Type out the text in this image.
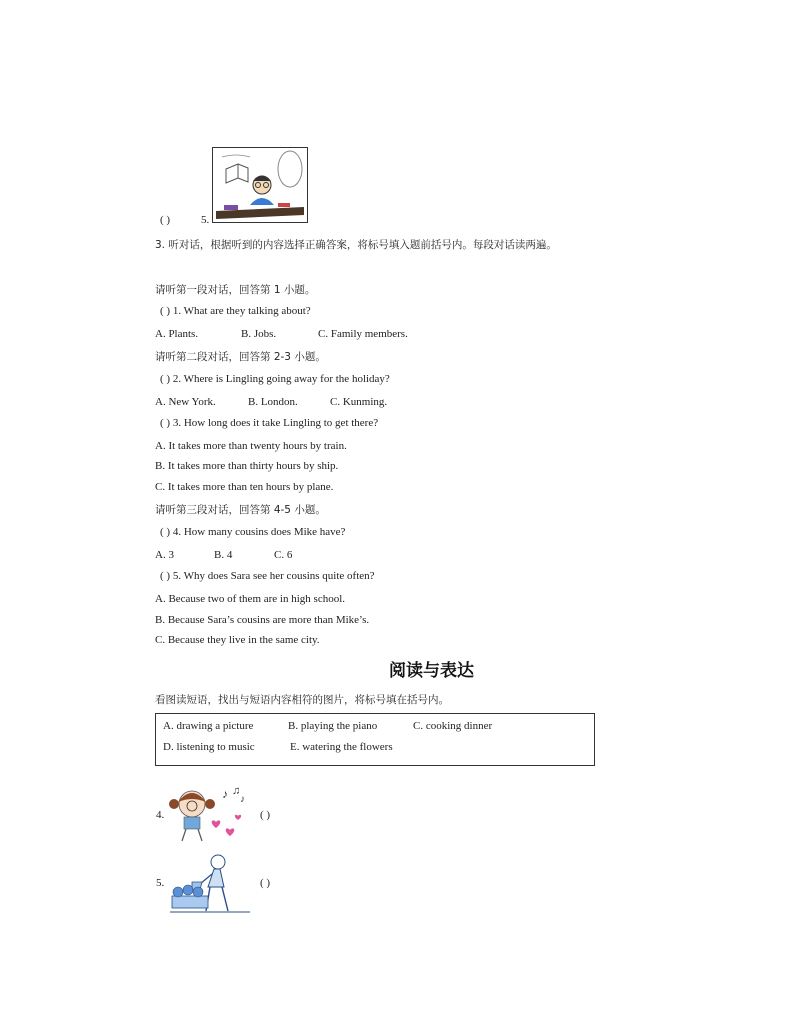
( )	5.
3. 听对话，根据听到的内容选择正确答案，将标号填入题前括号内。每段对话读两遍。
请听第一段对话，回答第 1 小题。
( ) 1. What are they talking about?
A. Plants.	B. Jobs.	C. Family members.
请听第二段对话，回答第 2-3 小题。
( ) 2. Where is Lingling going away for the holiday?
A. New York.	B. London.	C. Kunming.
( ) 3. How long does it take Lingling to get there?
A. It takes more than twenty hours by train.
B. It takes more than thirty hours by ship.
C. It takes more than ten hours by plane.
请听第三段对话，回答第 4-5 小题。
( ) 4. How many cousins does Mike have?
A. 3	B. 4	C. 6
( ) 5. Why does Sara see her cousins quite often?
A. Because two of them are in high school.
B. Because Sara’s cousins are more than Mike’s.
C. Because they live in the same city.
阅读与表达
看图读短语，找出与短语内容相符的图片，将标号填在括号内。
A. drawing a picture	B. playing the piano	C. cooking dinner
D. listening to music	E. watering the flowers
4.
♪ ♫
♪
( )
5.	( )
